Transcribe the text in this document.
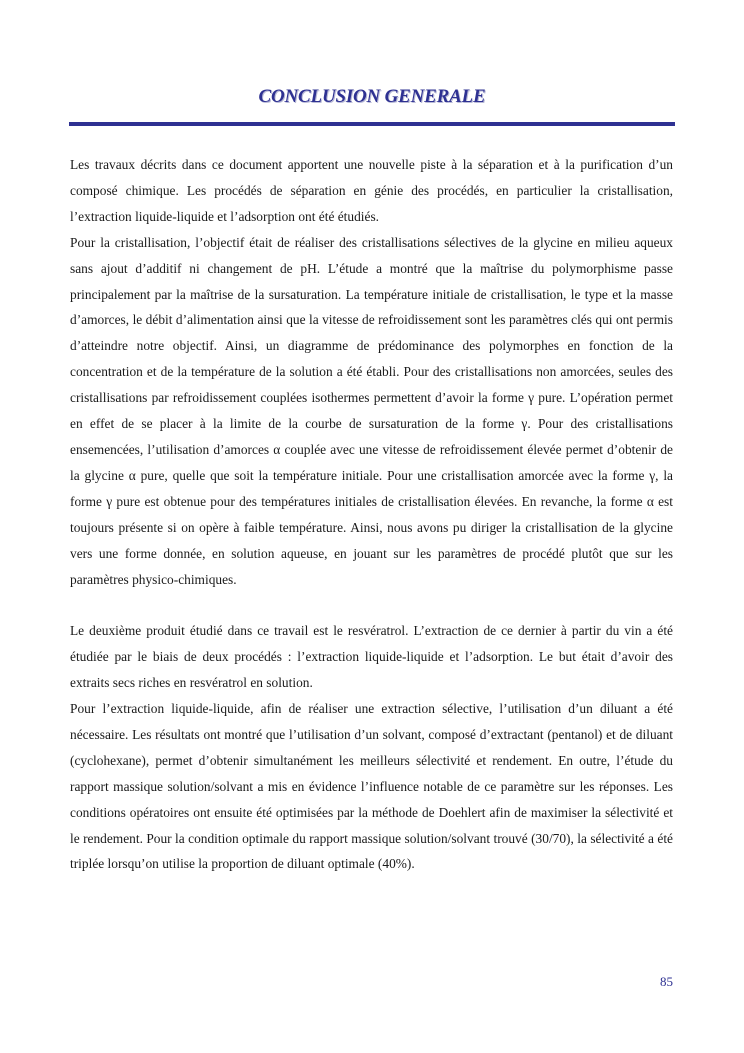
CONCLUSION GENERALE

Les travaux décrits dans ce document apportent une nouvelle piste à la séparation et à la purification d’un composé chimique. Les procédés de séparation en génie des procédés, en particulier la cristallisation, l’extraction liquide-liquide et l’adsorption ont été étudiés.

Pour la cristallisation, l’objectif était de réaliser des cristallisations sélectives de la glycine en milieu aqueux sans ajout d’additif ni changement de pH. L’étude a montré que la maîtrise du polymorphisme passe principalement par la maîtrise de la sursaturation. La température initiale de cristallisation, le type et la masse d’amorces, le débit d’alimentation ainsi que la vitesse de refroidissement sont les paramètres clés qui ont permis d’atteindre notre objectif. Ainsi, un diagramme de prédominance des polymorphes en fonction de la concentration et de la température de la solution a été établi. Pour des cristallisations non amorcées, seules des cristallisations par refroidissement couplées isothermes permettent d’avoir la forme γ pure. L’opération permet en effet de se placer à la limite de la courbe de sursaturation de la forme γ. Pour des cristallisations ensemencées, l’utilisation d’amorces α couplée avec une vitesse de refroidissement élevée permet d’obtenir de la glycine α pure, quelle que soit la température initiale. Pour une cristallisation amorcée avec la forme γ, la forme γ pure est obtenue pour des températures initiales de cristallisation élevées. En revanche, la forme α est toujours présente si on opère à faible température. Ainsi, nous avons pu diriger la cristallisation de la glycine vers une forme donnée, en solution aqueuse, en jouant sur les paramètres de procédé plutôt que sur les paramètres physico-chimiques.

Le deuxième produit étudié dans ce travail est le resvératrol. L’extraction de ce dernier à partir du vin a été étudiée par le biais de deux procédés : l’extraction liquide-liquide et l’adsorption. Le but était d’avoir des extraits secs riches en resvératrol en solution.

Pour l’extraction liquide-liquide, afin de réaliser une extraction sélective, l’utilisation d’un diluant a été nécessaire. Les résultats ont montré que l’utilisation d’un solvant, composé d’extractant (pentanol) et de diluant (cyclohexane), permet d’obtenir simultanément les meilleurs sélectivité et rendement. En outre, l’étude du rapport massique solution/solvant a mis en évidence l’influence notable de ce paramètre sur les réponses. Les conditions opératoires ont ensuite été optimisées par la méthode de Doehlert afin de maximiser la sélectivité et le rendement. Pour la condition optimale du rapport massique solution/solvant trouvé (30/70), la sélectivité a été triplée lorsqu’on utilise la proportion de diluant optimale (40%).

85
